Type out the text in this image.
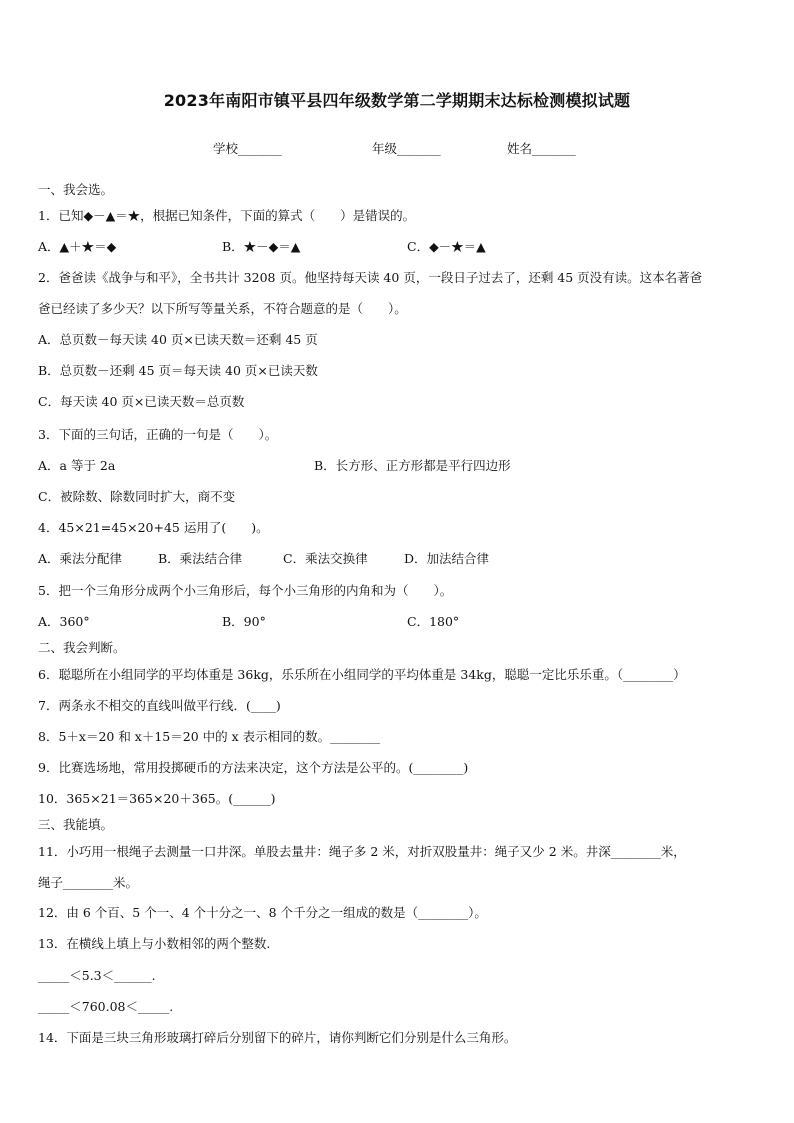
2023年南阳市镇平县四年级数学第二学期期末达标检测模拟试题
学校_______	年级_______	姓名_______
一、我会选。
1．已知◆－▲＝★，根据已知条件，下面的算式（　　）是错误的。
A．▲＋★＝◆	B．★－◆＝▲	C．◆－★＝▲
2．爸爸读《战争与和平》，全书共计 3208 页。他坚持每天读 40 页，一段日子过去了，还剩 45 页没有读。这本名著爸
爸已经读了多少天？以下所写等量关系，不符合题意的是（　　）。
A．总页数－每天读 40 页×已读天数＝还剩 45 页
B．总页数－还剩 45 页＝每天读 40 页×已读天数
C．每天读 40 页×已读天数＝总页数
3．下面的三句话，正确的一句是（　　）。
A．a 等于 2a	B．长方形、正方形都是平行四边形
C．被除数、除数同时扩大，商不变
4．45×21=45×20+45 运用了(　　)。
A．乘法分配律	B．乘法结合律	C．乘法交换律	D．加法结合律
5．把一个三角形分成两个小三角形后，每个小三角形的内角和为（　　）。
A．360°	B．90°	C．180°
二、我会判断。
6．聪聪所在小组同学的平均体重是 36kg，乐乐所在小组同学的平均体重是 34kg，聪聪一定比乐乐重。（________）
7．两条永不相交的直线叫做平行线．(____)
8．5＋x＝20 和 x＋15＝20 中的 x 表示相同的数。________
9．比赛选场地，常用投掷硬币的方法来决定，这个方法是公平的。(________)
10．365×21＝365×20＋365。(______)
三、我能填。
11．小巧用一根绳子去测量一口井深。单股去量井：绳子多 2 米，对折双股量井：绳子又少 2 米。井深________米，
绳子________米。
12．由 6 个百、5 个一、4 个十分之一、8 个千分之一组成的数是（________）。
13．在横线上填上与小数相邻的两个整数.
_____＜5.3＜______.
_____＜760.08＜_____.
14．下面是三块三角形玻璃打碎后分别留下的碎片，请你判断它们分别是什么三角形。
